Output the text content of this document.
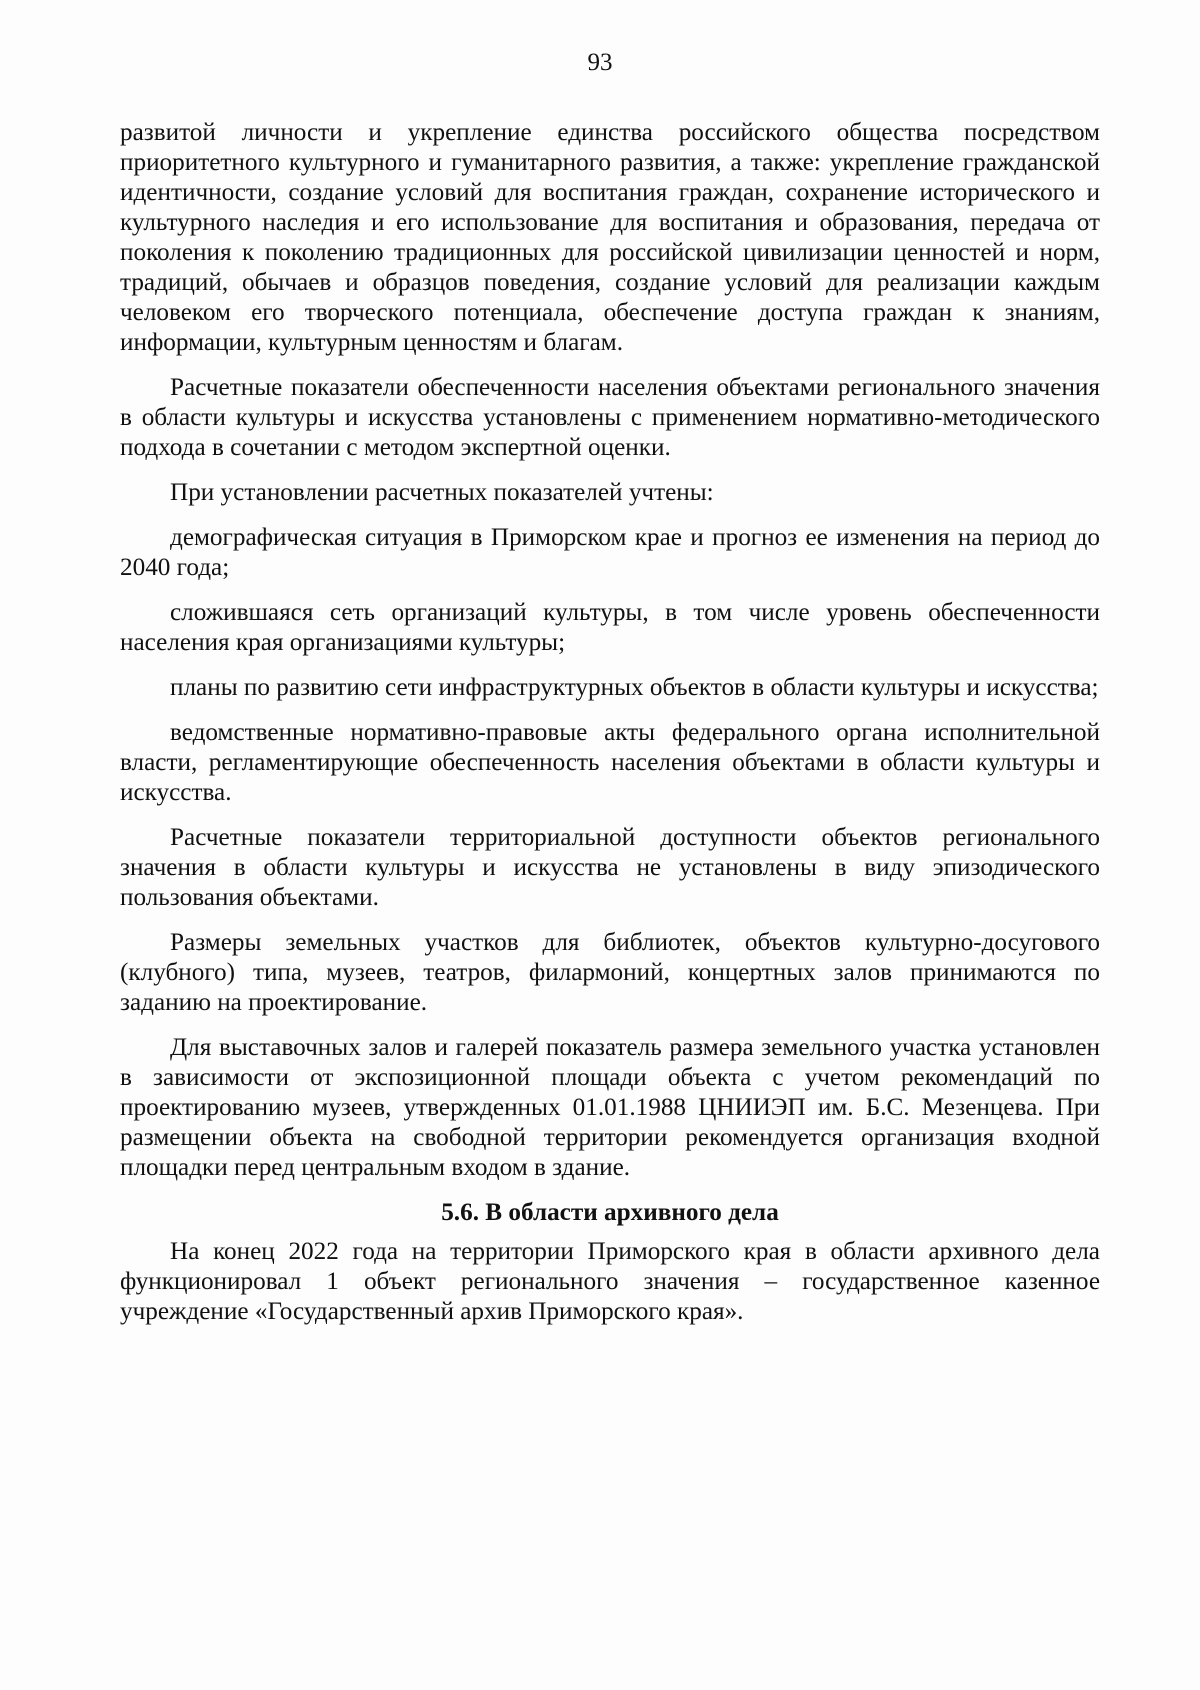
93

развитой личности и укрепление единства российского общества посредством приоритетного культурного и гуманитарного развития, а также: укрепление гражданской идентичности, создание условий для воспитания граждан, сохранение исторического и культурного наследия и его использование для воспитания и образования, передача от поколения к поколению традиционных для российской цивилизации ценностей и норм, традиций, обычаев и образцов поведения, создание условий для реализации каждым человеком его творческого потенциала, обеспечение доступа граждан к знаниям, информации, культурным ценностям и благам.

Расчетные показатели обеспеченности населения объектами регионального значения в области культуры и искусства установлены с применением нормативно-методического подхода в сочетании с методом экспертной оценки.

При установлении расчетных показателей учтены:

демографическая ситуация в Приморском крае и прогноз ее изменения на период до 2040 года;

сложившаяся сеть организаций культуры, в том числе уровень обеспеченности населения края организациями культуры;

планы по развитию сети инфраструктурных объектов в области культуры и искусства;

ведомственные нормативно-правовые акты федерального органа исполнительной власти, регламентирующие обеспеченность населения объектами в области культуры и искусства.

Расчетные показатели территориальной доступности объектов регионального значения в области культуры и искусства не установлены в виду эпизодического пользования объектами.

Размеры земельных участков для библиотек, объектов культурно-досугового (клубного) типа, музеев, театров, филармоний, концертных залов принимаются по заданию на проектирование.

Для выставочных залов и галерей показатель размера земельного участка установлен в зависимости от экспозиционной площади объекта с учетом рекомендаций по проектированию музеев, утвержденных 01.01.1988 ЦНИИЭП им. Б.С. Мезенцева. При размещении объекта на свободной территории рекомендуется организация входной площадки перед центральным входом в здание.

5.6. В области архивного дела

На конец 2022 года на территории Приморского края в области архивного дела функционировал 1 объект регионального значения – государственное казенное учреждение «Государственный архив Приморского края».
